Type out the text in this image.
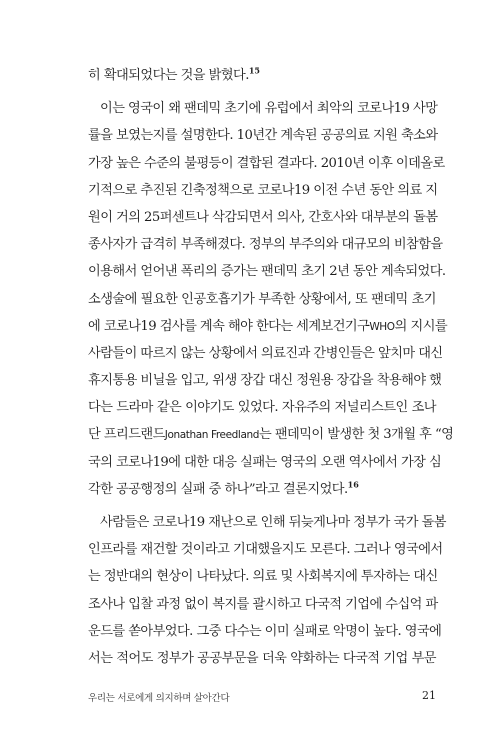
히 확대되었다는 것을 밝혔다.$^{15}$
이는 영국이 왜 팬데믹 초기에 유럽에서 최악의 코로나19 사망
률을 보였는지를 설명한다. 10년간 계속된 공공의료 지원 축소와
가장 높은 수준의 불평등이 결합된 결과다. 2010년 이후 이데올로
기적으로 추진된 긴축정책으로 코로나19 이전 수년 동안 의료 지
원이 거의 25퍼센트나 삭감되면서 의사, 간호사와 대부분의 돌봄
종사자가 급격히 부족해졌다. 정부의 부주의와 대규모의 비참함을
이용해서 얻어낸 폭리의 증가는 팬데믹 초기 2년 동안 계속되었다.
소생술에 필요한 인공호흡기가 부족한 상황에서, 또 팬데믹 초기
에 코로나19 검사를 계속 해야 한다는 세계보건기구WHO의 지시를
사람들이 따르지 않는 상황에서 의료진과 간병인들은 앞치마 대신
휴지통용 비닐을 입고, 위생 장갑 대신 정원용 장갑을 착용해야 했
다는 드라마 같은 이야기도 있었다. 자유주의 저널리스트인 조나
단 프리드랜드Jonathan Freedland는 팬데믹이 발생한 첫 3개월 후 “영
국의 코로나19에 대한 대응 실패는 영국의 오랜 역사에서 가장 심
각한 공공행정의 실패 중 하나”라고 결론지었다.$^{16}$
사람들은 코로나19 재난으로 인해 뒤늦게나마 정부가 국가 돌봄
인프라를 재건할 것이라고 기대했을지도 모른다. 그러나 영국에서
는 정반대의 현상이 나타났다. 의료 및 사회복지에 투자하는 대신
조사나 입찰 과정 없이 복지를 괄시하고 다국적 기업에 수십억 파
운드를 쏟아부었다. 그중 다수는 이미 실패로 악명이 높다. 영국에
서는 적어도 정부가 공공부문을 더욱 약화하는 다국적 기업 부문
우리는 서로에게 의지하며 살아간다	21
